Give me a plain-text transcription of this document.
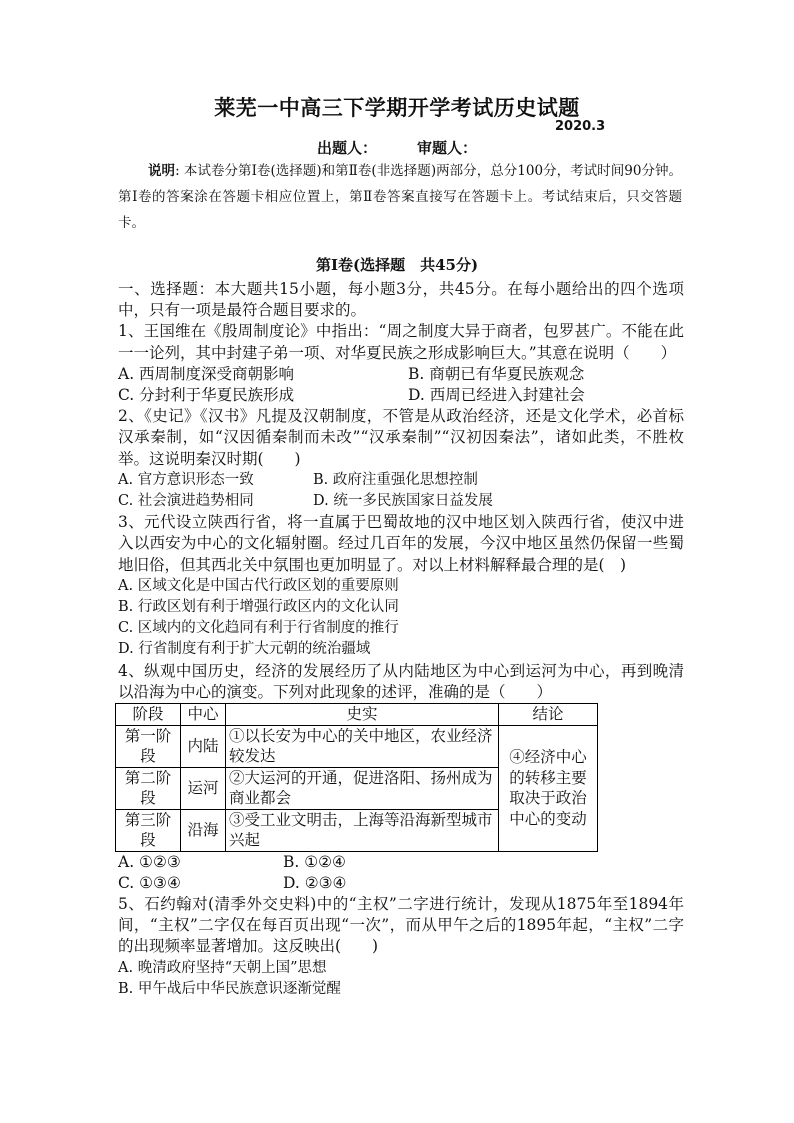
莱芜一中高三下学期开学考试历史试题
2020.3
出题人：	审题人：
说明: 本试卷分第Ⅰ卷(选择题)和第Ⅱ卷(非选择题)两部分，总分100分，考试时间90分钟。第Ⅰ卷的答案涂在答题卡相应位置上，第Ⅱ卷答案直接写在答题卡上。考试结束后，只交答题卡。
第Ⅰ卷(选择题　共45分)
一、选择题：本大题共15小题，每小题3分，共45分。在每小题给出的四个选项中，只有一项是最符合题目要求的。
1、王国维在《殷周制度论》中指出：“周之制度大异于商者，包罗甚广。不能在此一一论列，其中封建子弟一项、对华夏民族之形成影响巨大。”其意在说明（　　）
A. 西周制度深受商朝影响	B. 商朝已有华夏民族观念
C. 分封利于华夏民族形成	D. 西周已经进入封建社会
2、《史记》《汉书》凡提及汉朝制度，不管是从政治经济，还是文化学术，必首标汉承秦制，如“汉因循秦制而未改”“汉承秦制”“汉初因秦法”，诸如此类，不胜枚举。这说明秦汉时期(　　)
A. 官方意识形态一致	B. 政府注重强化思想控制
C. 社会演进趋势相同	D. 统一多民族国家日益发展
3、元代设立陕西行省，将一直属于巴蜀故地的汉中地区划入陕西行省，使汉中进入以西安为中心的文化辐射圈。经过几百年的发展，今汉中地区虽然仍保留一些蜀地旧俗，但其西北关中氛围也更加明显了。对以上材料解释最合理的是(　)
A. 区域文化是中国古代行政区划的重要原则
B. 行政区划有利于增强行政区内的文化认同
C. 区域内的文化趋同有利于行省制度的推行
D. 行省制度有利于扩大元朝的统治疆域
4、纵观中国历史，经济的发展经历了从内陆地区为中心到运河为中心，再到晚清以沿海为中心的演变。下列对此现象的述评，准确的是（　　）
阶段	中心	史实	结论
第一阶段	内陆	①以长安为中心的关中地区，农业经济较发达	④经济中心的转移主要取决于政治中心的变动
第二阶段	运河	②大运河的开通，促进洛阳、扬州成为商业都会	
第三阶段	沿海	③受工业文明击，上海等沿海新型城市兴起	
A. ①②③	B. ①②④
C. ①③④	D. ②③④
5、石约翰对(清季外交史料)中的“主权”二字进行统计，发现从1875年至1894年间，“主权”二字仅在每百页出现“一次”，而从甲午之后的1895年起，“主权”二字的出现频率显著增加。这反映出(　　)
A. 晚清政府坚持“天朝上国”思想
B. 甲午战后中华民族意识逐渐觉醒
